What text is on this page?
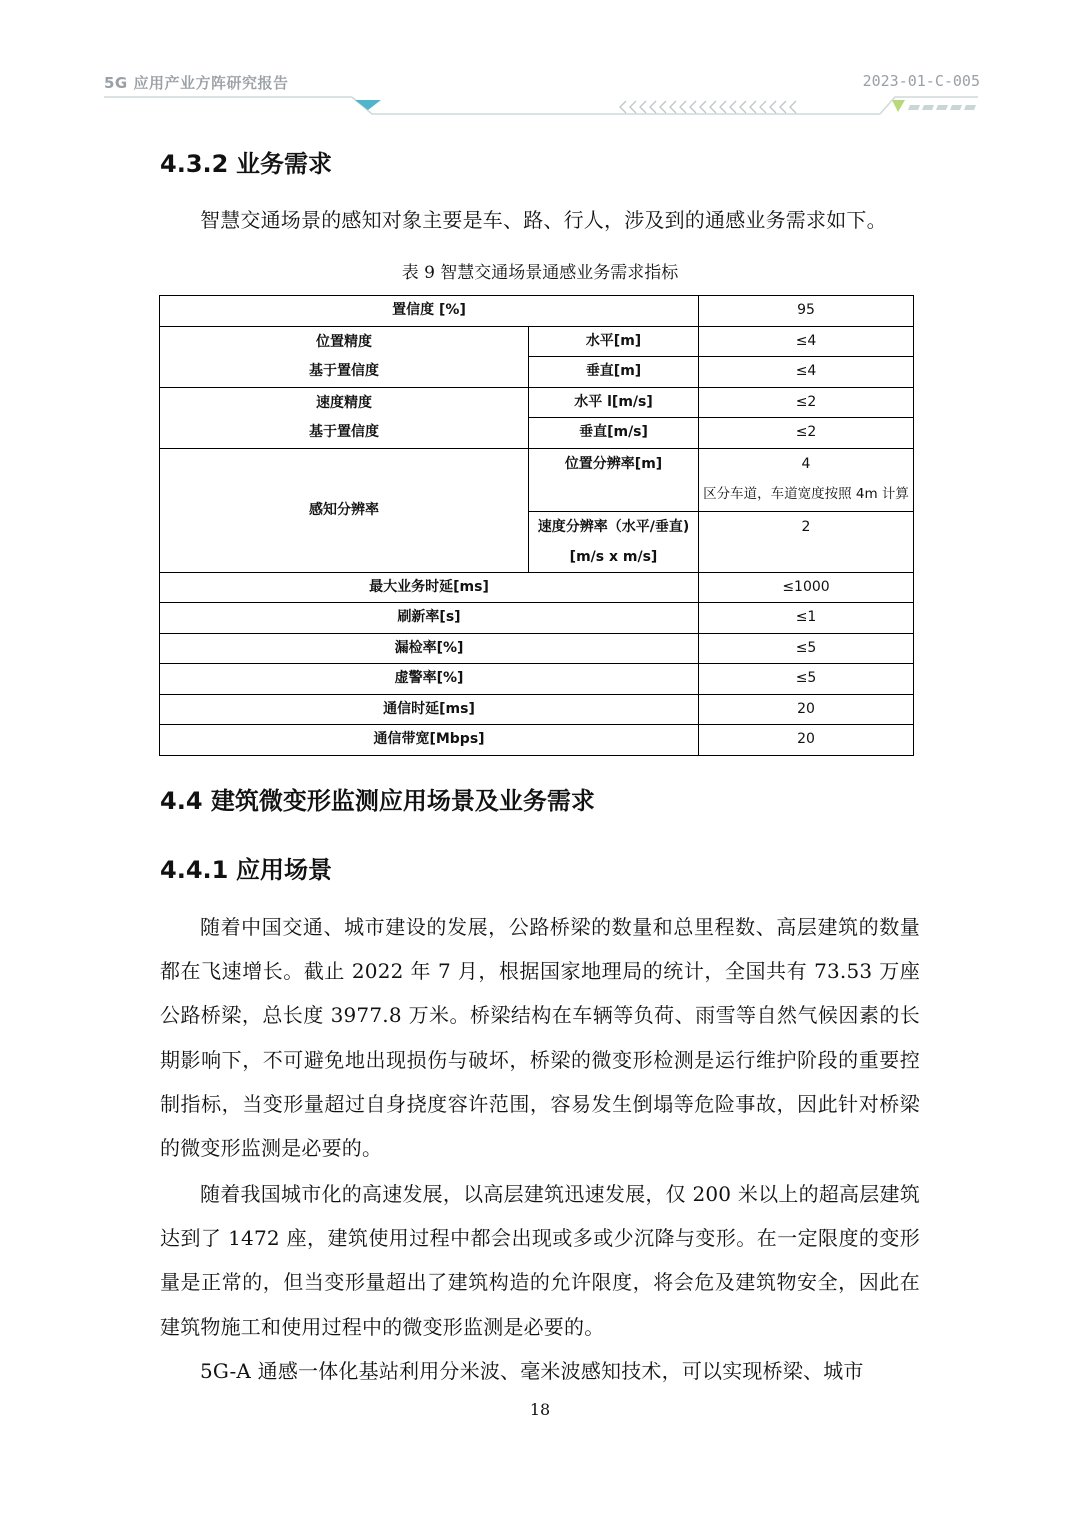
5G 应用产业方阵研究报告	2023-01-C-005
4.3.2 业务需求

智慧交通场景的感知对象主要是车、路、行人，涉及到的通感业务需求如下。

表 9 智慧交通场景通感业务需求指标

置信度 [%]		95

位置精度
基于置信度	水平[m]	≤4
	垂直[m]	≤4

速度精度
基于置信度	水平 l[m/s]	≤2
	垂直[m/s]	≤2
感知分辨率	位置分辨率[m]	4
区分车道，车道宽度按照 4m 计算

	速度分辨率（水平/垂直)
[m/s x m/s]	2

最大业务时延[ms]		≤1000
刷新率[s]		≤1
漏检率[%]		≤5
虚警率[%]		≤5
通信时延[ms]		20
通信带宽[Mbps]		20
4.4 建筑微变形监测应用场景及业务需求
4.4.1 应用场景

随着中国交通、城市建设的发展，公路桥梁的数量和总里程数、高层建筑的数量都在飞速增长。截止 2022 年 7 月，根据国家地理局的统计，全国共有 73.53 万座公路桥梁，总长度 3977.8 万米。桥梁结构在车辆等负荷、雨雪等自然气候因素的长期影响下，不可避免地出现损伤与破坏，桥梁的微变形检测是运行维护阶段的重要控制指标，当变形量超过自身挠度容许范围，容易发生倒塌等危险事故，因此针对桥梁的微变形监测是必要的。

随着我国城市化的高速发展，以高层建筑迅速发展，仅 200 米以上的超高层建筑达到了 1472 座，建筑使用过程中都会出现或多或少沉降与变形。在一定限度的变形量是正常的，但当变形量超出了建筑构造的允许限度，将会危及建筑物安全，因此在建筑物施工和使用过程中的微变形监测是必要的。

5G-A 通感一体化基站利用分米波、毫米波感知技术，可以实现桥梁、城市

18
